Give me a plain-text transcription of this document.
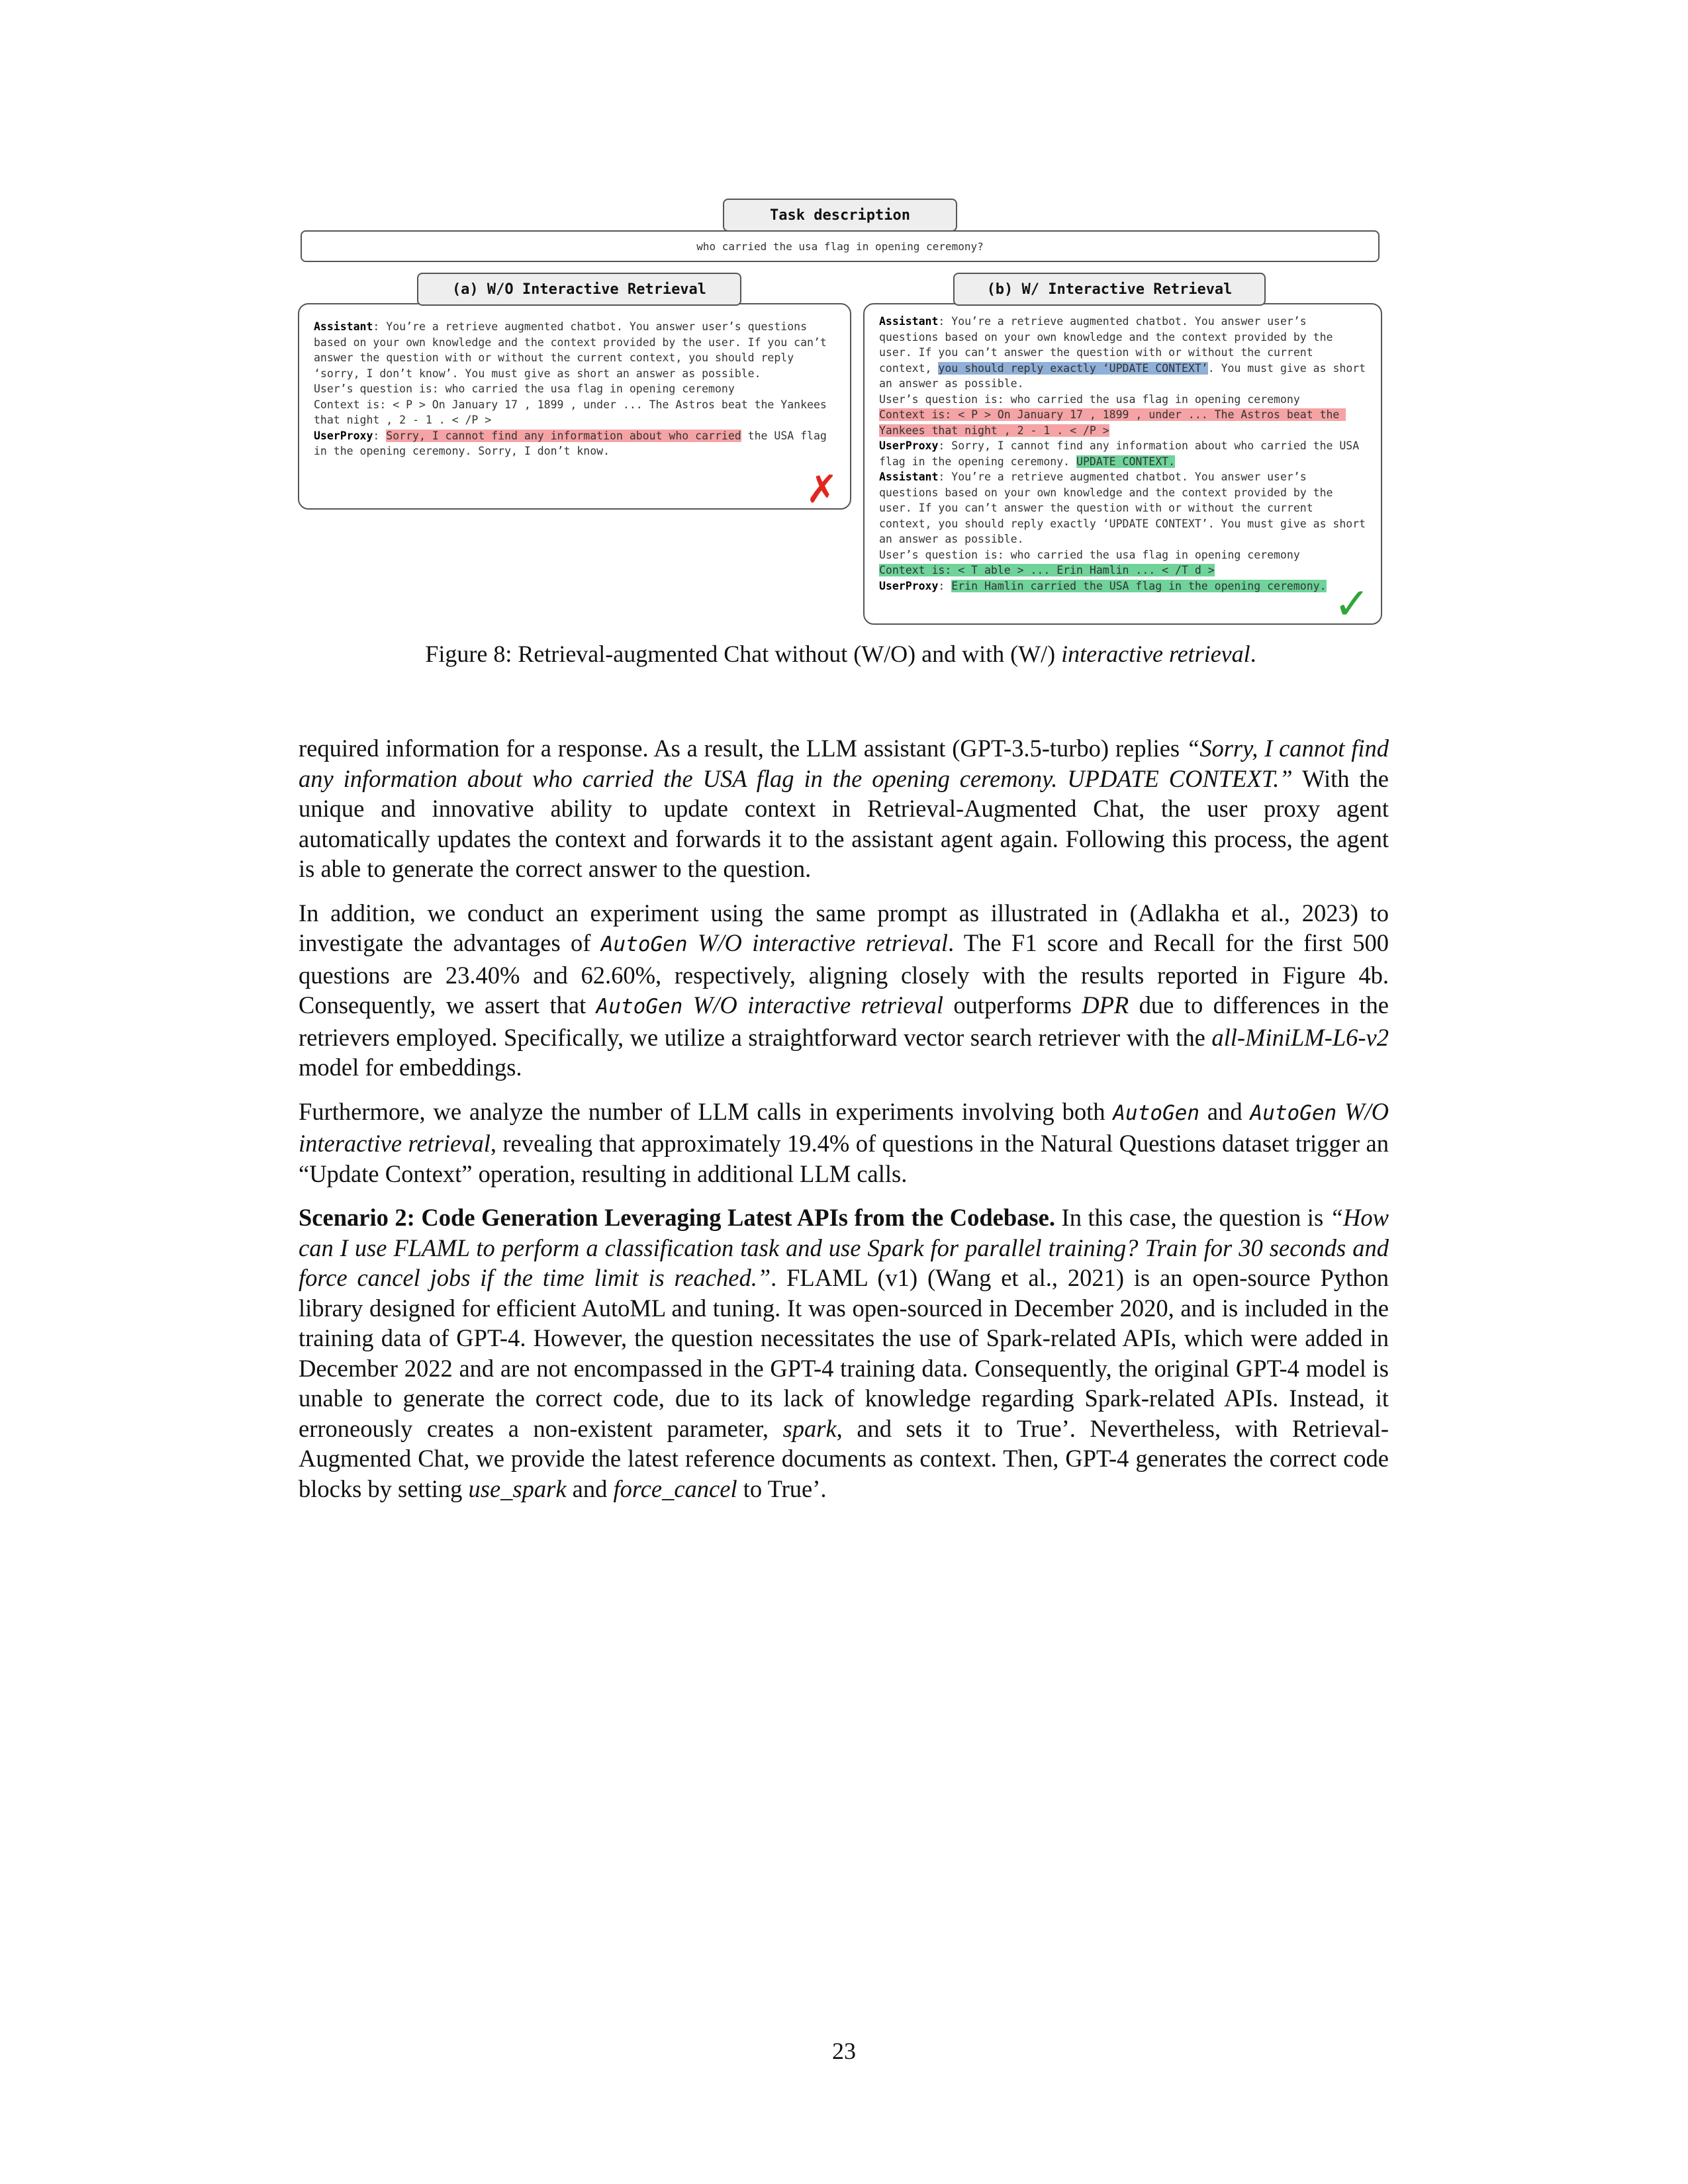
who carried the usa flag in opening ceremony?
Task description

Assistant: You’re a retrieve augmented chatbot. You answer user’s questions based on your own knowledge and the context provided by the user. If you can’t answer the question with or without the current context, you should reply ‘sorry, I don’t know’. You must give as short an answer as possible.
User’s question is: who carried the usa flag in opening ceremony
Context is: < P > On January 17 , 1899 , under ... The Astros beat the Yankees that night , 2 - 1 . < /P >

UserProxy: Sorry, I cannot find any information about who carried the USA flag in the opening ceremony. Sorry, I don’t know.

✗
(a) W/O Interactive Retrieval

Assistant: You’re a retrieve augmented chatbot. You answer user’s questions based on your own knowledge and the context provided by the user. If you can’t answer the question with or without the current context, you should reply exactly ‘UPDATE CONTEXT’. You must give as short an answer as possible.
User’s question is: who carried the usa flag in opening ceremony

Context is: < P > On January 17 , 1899 , under ... The Astros beat the Yankees that night , 2 - 1 . < /P >

UserProxy: Sorry, I cannot find any information about who carried the USA flag in the opening ceremony. UPDATE CONTEXT.

Assistant: You’re a retrieve augmented chatbot. You answer user’s questions based on your own knowledge and the context provided by the user. If you can’t answer the question with or without the current context, you should reply exactly ‘UPDATE CONTEXT’. You must give as short an answer as possible.
User’s question is: who carried the usa flag in opening ceremony

Context is: < T able > ... Erin Hamlin ... < /T d >

UserProxy: Erin Hamlin carried the USA flag in the opening ceremony. ✓
(b) W/ Interactive Retrieval
Figure 8: Retrieval-augmented Chat without (W/O) and with (W/) interactive retrieval.

required information for a response. As a result, the LLM assistant (GPT-3.5-turbo) replies “Sorry, I cannot find any information about who carried the USA flag in the opening ceremony. UPDATE CONTEXT.” With the unique and innovative ability to update context in Retrieval-Augmented Chat, the user proxy agent automatically updates the context and forwards it to the assistant agent again. Following this process, the agent is able to generate the correct answer to the question.

In addition, we conduct an experiment using the same prompt as illustrated in (Adlakha et al., 2023) to investigate the advantages of AutoGen W/O interactive retrieval. The F1 score and Recall for the first 500 questions are 23.40% and 62.60%, respectively, aligning closely with the results reported in Figure 4b. Consequently, we assert that AutoGen W/O interactive retrieval outperforms DPR due to differences in the retrievers employed. Specifically, we utilize a straightforward vector search retriever with the all-MiniLM-L6-v2 model for embeddings.

Furthermore, we analyze the number of LLM calls in experiments involving both AutoGen and AutoGen W/O interactive retrieval, revealing that approximately 19.4% of questions in the Natural Questions dataset trigger an “Update Context” operation, resulting in additional LLM calls.

Scenario 2: Code Generation Leveraging Latest APIs from the Codebase. In this case, the question is “How can I use FLAML to perform a classification task and use Spark for parallel training? Train for 30 seconds and force cancel jobs if the time limit is reached.”. FLAML (v1) (Wang et al., 2021) is an open-source Python library designed for efficient AutoML and tuning. It was open-sourced in December 2020, and is included in the training data of GPT-4. However, the question necessitates the use of Spark-related APIs, which were added in December 2022 and are not encompassed in the GPT-4 training data. Consequently, the original GPT-4 model is unable to generate the correct code, due to its lack of knowledge regarding Spark-related APIs. Instead, it erroneously creates a non-existent parameter, spark, and sets it to True’. Nevertheless, with Retrieval-Augmented Chat, we provide the latest reference documents as context. Then, GPT-4 generates the correct code blocks by setting use_spark and force_cancel to True’.

23
